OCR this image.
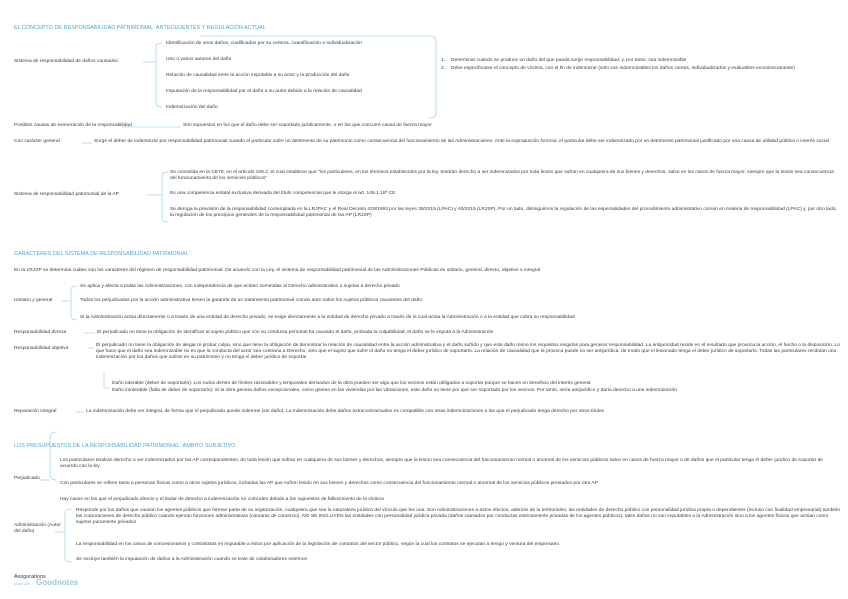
EL CONCEPTO DE RESPONSABILIDAD PATRIMONIAL. ANTECEDENTES Y REGULACIÓN ACTUAL
Sistema de responsabilidad de daños causados
Identificación de unos daños, cualificados por su certeza, cuantificación e individualización
Uno o varios autores del daño
Relación de causalidad entre la acción imputable a su actor y la producción del daño
Imputación de la responsabilidad por el daño a su autor debido a la relación de causalidad
Indemnización del daño
1. Determinar cuándo se produce un daño del que pueda surgir responsabilidad, y, por tanto, sea indemnizable
2. Debe especificarse el concepto de víctima, con el fin de indemnizar (solo son indemnizables los daños ciertos, individualizados y evaluables económicamente)
Posibles causas de exoneración de la responsabilidad	Son supuestos en los que el daño debe ser soportado jurídicamente, o en los que concurre causa de fuerza mayor
Con carácter general	Surge el deber de indemnizar por responsabilidad patrimonial cuando el particular sufre un detrimento de su patrimonio como consecuencia del funcionamiento de las Administraciones. Ante la expropiación forzosa, el particular debe ser indemnizado por un detrimento patrimonial justificado por una causa de utilidad pública o interés social
Sistema de responsabilidad patrimonial de la AP
Se consolida en la CE78, en el artículo 106.2, el cual establece que "los particulares, en los términos establecidos por la ley, tendrán derecho a ser indemnizados por toda lesión que sufran en cualquiera de sus bienes y derechos, salvo en los casos de fuerza mayor, siempre que la lesión sea consecuencia del funcionamiento de los servicios públicos"
Es una competencia estatal exclusiva derivada del título competencial que le otorga el art. 149.1.18ª CE
Se deroga la previsión de la responsabilidad contemplada en la LRJPAC y el Real Decreto 429/1993 por las leyes 39/2015 (LPAC) y 40/2015 (LRJSP). Por un lado, distinguimos la regulación de las especialidades del procedimiento administrativo común en materia de responsabilidad (LPAC) y, por otro lado, la regulación de los principios generales de la responsabilidad patrimonial de las AP (LRJSP)
CARACTERES DEL SISTEMA DE RESPONSABILIDAD PATRIMONIAL
En la LRJSP se determina cuáles son los caracteres del régimen de responsabilidad patrimonial. De acuerdo con la Ley, el sistema de responsabilidad patrimonial de las Administraciones Públicas es unitario, general, directo, objetivo e integral
Unitario y general
Se aplica y afecta a todas las Administraciones, con independencia de que actúen sometidas al Derecho administrativo o sujetas a derecho privado
Todos los perjudicados por la acción administrativa tienen la garantía de un tratamiento patrimonial común ante todos los sujetos públicos causantes del daño
Si la Administración actúa directamente o a través de una entidad de derecho privado, se exige directamente a la entidad de derecho privado a través de la cual actúa la Administración o a la entidad que cubra su responsabilidad
Responsabilidad directa	El perjudicado no tiene la obligación de identificar al sujeto público que con su conducta personal ha causado el daño, probada la culpabilidad, el daño se le imputa a la Administración
Responsabilidad objetiva
El perjudicado no tiene la obligación de alegar ni probar culpa, sino que tiene la obligación de demostrar la relación de causalidad entre la acción administrativa y el daño sufrido y que este daño reúne los requisitos exigidos para generar responsabilidad. La antijuricidad reside en el resultado que provoca la acción, el hecho o la disposición. Lo que hace que el daño sea indemnizable no es que la conducta del actor sea contraria a Derecho, sino que el sujeto que sufre el daño no tenga el deber jurídico de soportarlo. La relación de causalidad que la provoca puede no ser antijurídica, de modo que el lesionado tenga el deber jurídico de soportarlo. Todas las particulares recibirán una indemnización por los daños que sufran en su patrimonio y no tenga el deber jurídico de soportar
Daño tolerable (deber de soportarlo): Los rudos dentro de límites razonables y temporales derivados de la obra pueden ser algo que los vecinos están obligados a soportar porque se hacen en beneficio del interés general
Daño intolerable (falta de deber de soportarlo): Si la obra genera daños excepcionales, como grietas en las viviendas por las vibraciones, este daño no tiene por qué ser soportado por los vecinos. Por tanto, sería antijurídico y daría derecho a una indemnización
Reparación integral	La indemnización debe ser integral, de forma que el perjudicado quede indemne (sin daño). La indemnización debe daños extracontractuales es compatible con otras indemnizaciones a las que el perjudicado tenga derecho por otros títulos
LOS PRESUPUESTOS DE LA RESPONSABILIDAD PATRIMONIAL: ÁMBITO SUBJETIVO
Perjudicado
Los particulares tendrán derecho a ser indemnizados por las AP correspondientes, de toda lesión que sufran en cualquiera de sus bienes y derechos, siempre que la lesión sea consecuencia del funcionamiento normal o anormal de los servicios públicos salvo en casos de fuerza mayor o de daños que el particular tenga el deber jurídico de soportar de acuerdo con la ley
Con particulares se refiere tanto a personas físicas como a otros sujetos jurídicos, incluidas las AP que sufren lesión en sus bienes y derechos como consecuencia del funcionamiento normal o anormal de los servicios públicos prestados por otra AP
Hay casos en los que el perjudicado directo y el titular de derecho a indemnización no coinciden debido a los supuestos de fallecimiento de la víctima
Administración (Autor del daño)
Responde por los daños que causan los agentes públicos que forman parte de su organización, cualquiera que sea la naturaleza jurídica del vínculo que les una. Son Administraciones a estos efectos, además de la territoriales, las entidades de derecho público con personalidad jurídica propia o dependientes (incluso con finalidad empresarial) también las corporaciones de derecho público cuando ejerzan funciones administrativas (cámaras de comercio). NO SE INCLUYEN las entidades con personalidad jurídica privada (daños causados por conductas estrictamente privadas de los agentes públicos), tales daños no son imputables a la Administración sino a los agentes físicos que actúan como sujetos puramente privados
La responsabilidad en los casos de concesionarios y contratistas es imputable a éstos por aplicación de la legislación de contratos del sector público, según la cual los contratos se ejecutan a riesgo y ventura del empresario
Se excluye también la imputación de daños a la Administración cuando se trate de colaboradores externos
Assgurations
Made with Goodnotes
